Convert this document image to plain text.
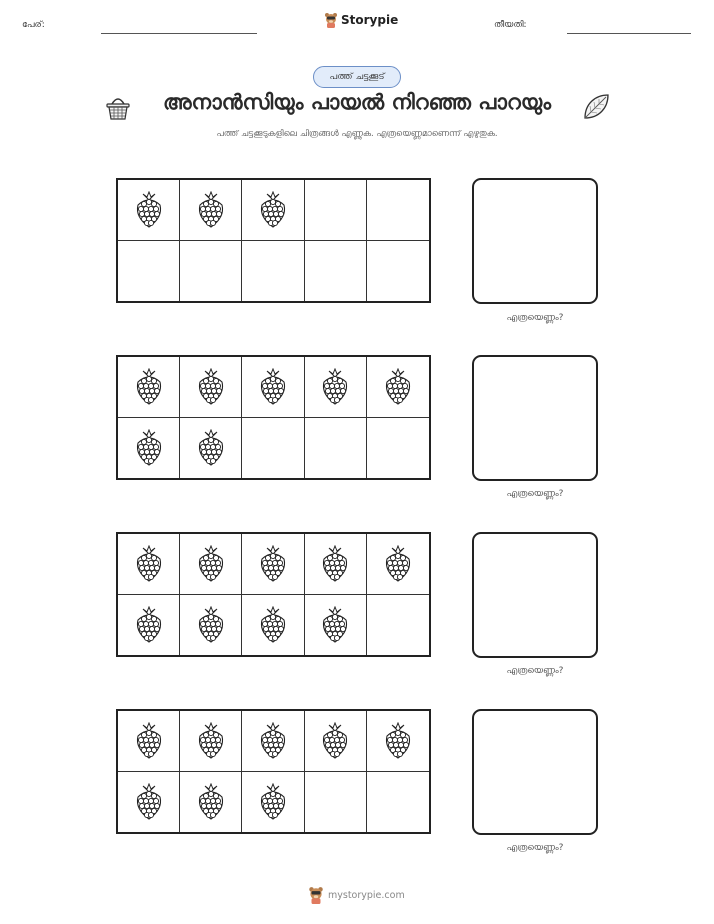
പേര്:	Storypie	തീയതി:
പത്ത് ചട്ടക്കൂട്
അനാൻസിയും പായൽ നിറഞ്ഞ പാറയും
പത്ത് ചട്ടക്കൂടുകളിലെ ചിത്രങ്ങൾ എണ്ണുക. എത്രയെണ്ണമാണെന്ന് എഴുതുക.
എത്രയെണ്ണം?
എത്രയെണ്ണം?
എത്രയെണ്ണം?
എത്രയെണ്ണം?
mystorypie.com
